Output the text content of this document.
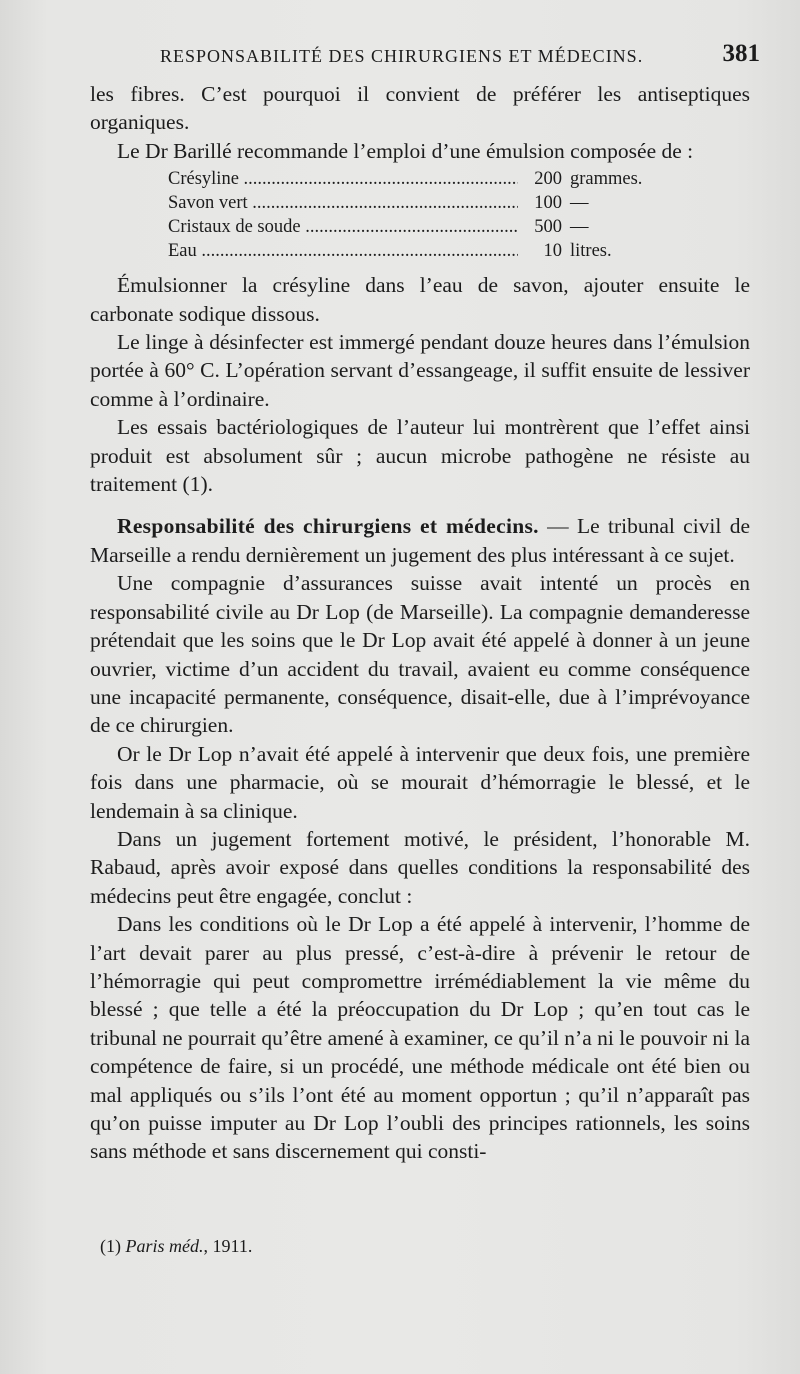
RESPONSABILITÉ DES CHIRURGIENS ET MÉDECINS.	381

les fibres. C’est pourquoi il convient de préférer les antiseptiques organiques.

Le Dr Barillé recommande l’emploi d’une émulsion composée de :

Crésyline .....	200 grammes.
Savon vert .....	100 —
Cristaux de soude .....	500 —
Eau .....	10 litres.

Émulsionner la crésyline dans l’eau de savon, ajouter ensuite le carbonate sodique dissous.

Le linge à désinfecter est immergé pendant douze heures dans l’émulsion portée à 60° C. L’opération servant d’essangeage, il suffit ensuite de lessiver comme à l’ordinaire.

Les essais bactériologiques de l’auteur lui montrèrent que l’effet ainsi produit est absolument sûr ; aucun microbe pathogène ne résiste au traitement (1).

Responsabilité des chirurgiens et médecins. — Le tribunal civil de Marseille a rendu dernièrement un jugement des plus intéressant à ce sujet.

Une compagnie d’assurances suisse avait intenté un procès en responsabilité civile au Dr Lop (de Marseille). La compagnie demanderesse prétendait que les soins que le Dr Lop avait été appelé à donner à un jeune ouvrier, victime d’un accident du travail, avaient eu comme conséquence une incapacité permanente, conséquence, disait-elle, due à l’imprévoyance de ce chirurgien.

Or le Dr Lop n’avait été appelé à intervenir que deux fois, une première fois dans une pharmacie, où se mourait d’hémorragie le blessé, et le lendemain à sa clinique.

Dans un jugement fortement motivé, le président, l’honorable M. Rabaud, après avoir exposé dans quelles conditions la responsabilité des médecins peut être engagée, conclut :

Dans les conditions où le Dr Lop a été appelé à intervenir, l’homme de l’art devait parer au plus pressé, c’est-à-dire à prévenir le retour de l’hémorragie qui peut compromettre irrémédiablement la vie même du blessé ; que telle a été la préoccupation du Dr Lop ; qu’en tout cas le tribunal ne pourrait qu’être amené à examiner, ce qu’il n’a ni le pouvoir ni la compétence de faire, si un procédé, une méthode médicale ont été bien ou mal appliqués ou s’ils l’ont été au moment opportun ; qu’il n’apparaît pas qu’on puisse imputer au Dr Lop l’oubli des principes rationnels, les soins sans méthode et sans discernement qui consti-

(1) Paris méd., 1911.
